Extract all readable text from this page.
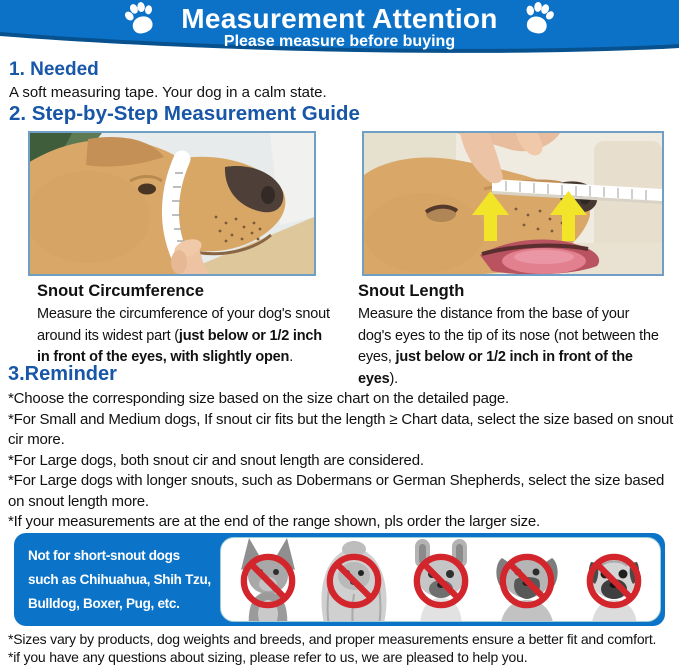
Measurement Attention
Please measure before buying
1. Needed
A soft measuring tape. Your dog in a calm state.
2. Step-by-Step Measurement Guide
Snout Circumference
Measure the circumference of your dog's snout around its widest part (just below or 1/2 inch in front of the eyes, with slightly open.
Snout Length
Measure the distance from the base of your dog's eyes to the tip of its nose (not between the eyes, just below or 1/2 inch in front of the eyes).
3.Reminder
*Choose the corresponding size based on the size chart on the detailed page.
*For Small and Medium dogs, If snout cir fits but the length ≥ Chart data, select the size based on snout cir more.
*For Large dogs, both snout cir and snout length are considered.
*For Large dogs with longer snouts, such as Dobermans or German Shepherds, select the size based on snout length more.
*If your measurements are at the end of the range shown, pls order the larger size.
Not for short-snout dogs
such as Chihuahua, Shih Tzu,
Bulldog, Boxer, Pug, etc.
*Sizes vary by products, dog weights and breeds, and proper measurements ensure a better fit and comfort.
*if you have any questions about sizing, please refer to us, we are pleased to help you.
